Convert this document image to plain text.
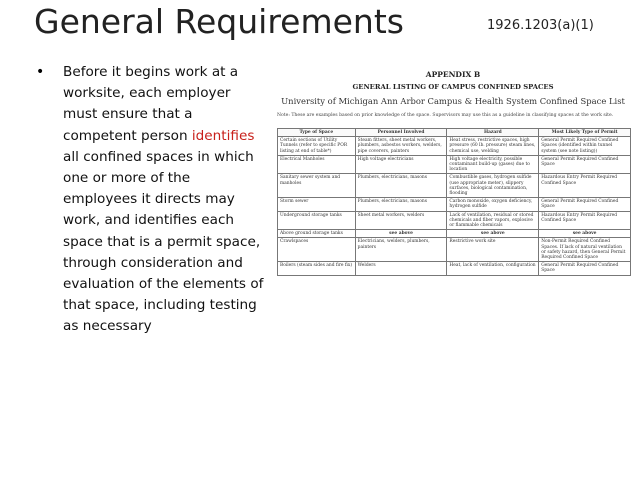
General Requirements	1926.1203(a)(1)
• Before it begins work at a worksite, each employer must ensure that a competent person identifies all confined spaces in which one or more of the employees it directs may work, and identifies each space that is a permit space, through consideration and evaluation of the elements of that space, including testing as necessary
APPENDIX B
GENERAL LISTING OF CAMPUS CONFINED SPACES
University of Michigan Ann Arbor Campus & Health System Confined Space List
Note: These are examples based on prior knowledge of the space. Supervisors may use this as a guideline in classifying spaces at the work site.
Type of Space	Personnel Involved	Hazard	Most Likely Type of Permit
Certain sections of Utility Tunnels (refer to specific POR listing at end of table*)	Steam fitters, sheet metal workers, plumbers, asbestos workers, welders, pipe coverers, painters	Heat stress, restrictive spaces, high pressure (60 lb. pressure) steam lines, chemical use, welding	General Permit Required Confined Spaces (identified within tunnel system (see note listing))
Electrical Manholes	High voltage electricians	High voltage electricity, possible contaminant build-up (gases) due to location	General Permit Required Confined Space
Sanitary sewer system and manholes	Plumbers, electricians, masons	Combustible gases, hydrogen sulfide (use appropriate meter), slippery surfaces, biological contamination, flooding	Hazardous Entry Permit Required Confined Space
Storm sewer	Plumbers, electricians, masons	Carbon monoxide, oxygen deficiency, hydrogen sulfide	General Permit Required Confined Space
Underground storage tanks	Sheet metal workers, welders	Lack of ventilation, residual or stored chemicals and fiber vapors, explosive or flammable chemicals	Hazardous Entry Permit Required Confined Space
Above ground storage tanks	see above	see above	see above
Crawlspaces	Electricians, welders, plumbers, painters	Restrictive work site	Non-Permit Required Confined Spaces. If lack of natural ventilation or safety hazard, then General Permit Required Confined Space
Boilers (steam sides and fire fix)	Welders	Heat, lack of ventilation, configuration	General Permit Required Confined Space
